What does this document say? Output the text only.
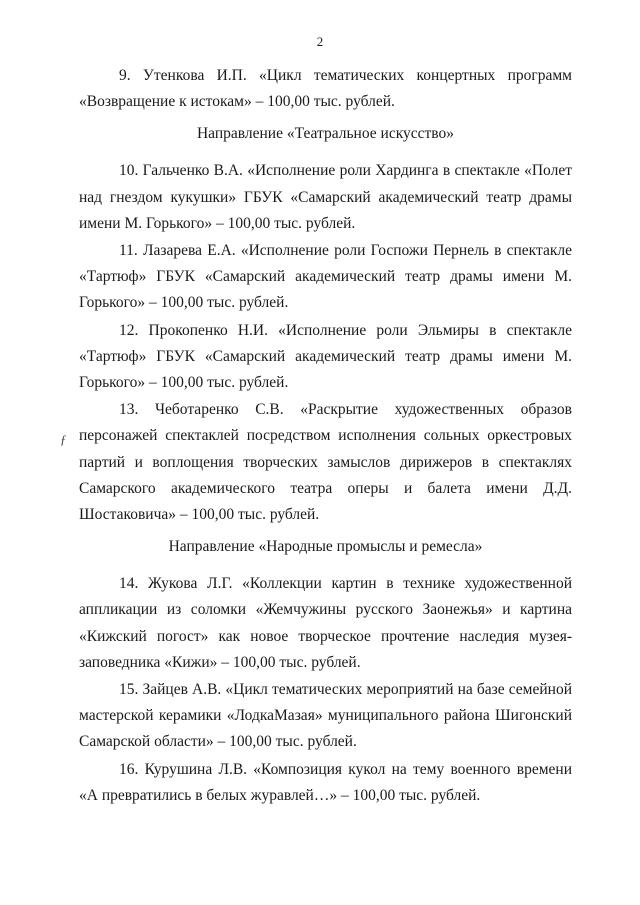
2
ƒ

9. Утенкова И.П. «Цикл тематических концертных программ «Возвращение к истокам» – 100,00 тыс. рублей.

Направление «Театральное искусство»

10. Гальченко В.А. «Исполнение роли Хардинга в спектакле «Полет над гнездом кукушки» ГБУК «Самарский академический театр драмы имени М. Горького» – 100,00 тыс. рублей.

11. Лазарева Е.А. «Исполнение роли Госпожи Пернель в спектакле «Тартюф» ГБУК «Самарский академический театр драмы имени М. Горького» – 100,00 тыс. рублей.

12. Прокопенко Н.И. «Исполнение роли Эльмиры в спектакле «Тартюф» ГБУК «Самарский академический театр драмы имени М. Горького» – 100,00 тыс. рублей.

13. Чеботаренко С.В. «Раскрытие художественных образов персонажей спектаклей посредством исполнения сольных оркестровых партий и воплощения творческих замыслов дирижеров в спектаклях Самарского академического театра оперы и балета имени Д.Д. Шостаковича» – 100,00 тыс. рублей.

Направление «Народные промыслы и ремесла»

14. Жукова Л.Г. «Коллекции картин в технике художественной аппликации из соломки «Жемчужины русского Заонежья» и картина «Кижский погост» как новое творческое прочтение наследия музея-заповедника «Кижи» – 100,00 тыс. рублей.

15. Зайцев А.В. «Цикл тематических мероприятий на базе семейной мастерской керамики «ЛодкаМазая» муниципального района Шигонский Самарской области» – 100,00 тыс. рублей.

16. Курушина Л.В. «Композиция кукол на тему военного времени «А превратились в белых журавлей…» – 100,00 тыс. рублей.
